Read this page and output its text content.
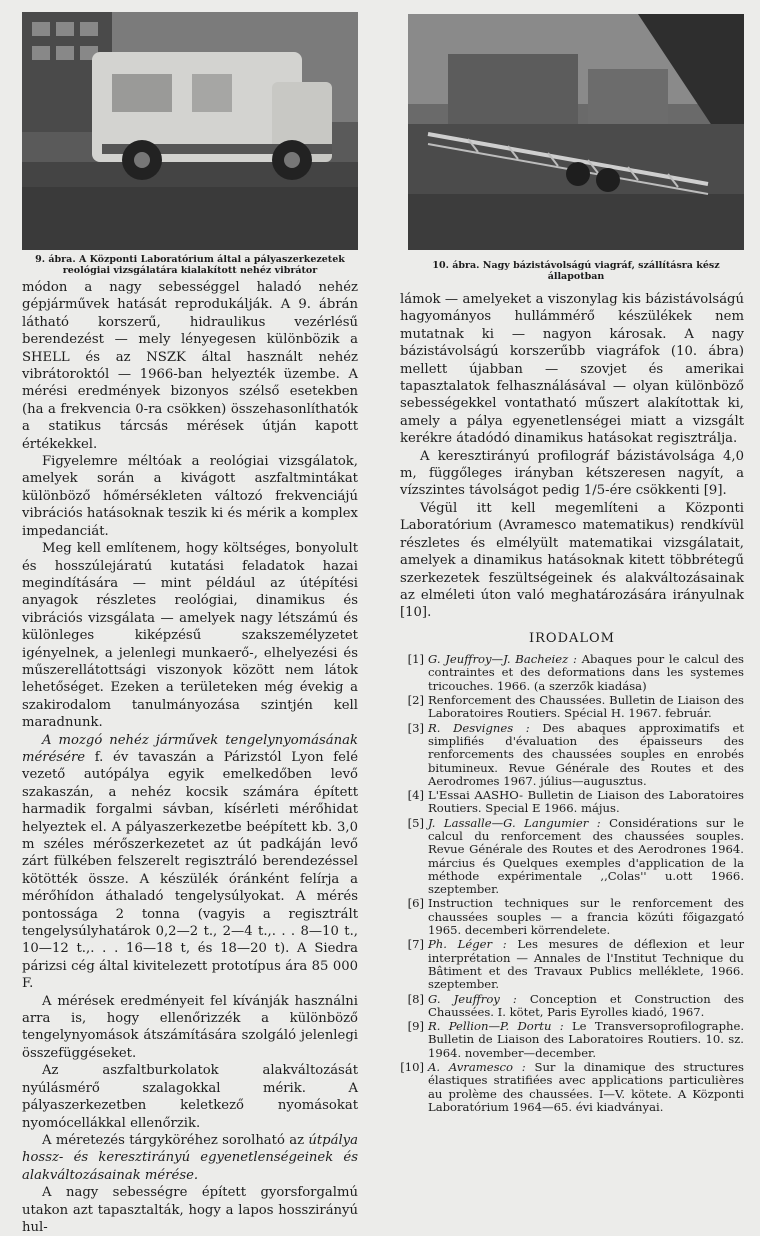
9. ábra. A Központi Laboratórium által a pályaszerkezetek reológiai vizsgálatára kialakított nehéz vibrátor	10. ábra. Nagy bázistávolságú viagráf, szállításra kész állapotban

módon a nagy sebességgel haladó nehéz gépjárművek hatását reprodukálják. A 9. ábrán látható korszerű, hidraulikus vezérlésű berendezést — mely lényegesen különbözik a SHELL és az NSZK által használt nehéz vibrátoroktól — 1966-ban helyezték üzembe. A mérési eredmények bizonyos szélső esetekben (ha a frekvencia 0-ra csökken) összehasonlíthatók a statikus tárcsás mérések útján kapott értékekkel.

Figyelemre méltóak a reológiai vizsgálatok, amelyek során a kivágott aszfaltmintákat különböző hőmérsékleten változó frekvenciájú vibrációs hatásoknak teszik ki és mérik a komplex impedanciát.

Meg kell említenem, hogy költséges, bonyolult és hosszúlejáratú kutatási feladatok hazai megindítására — mint például az útépítési anyagok részletes reológiai, dinamikus és vibrációs vizsgálata — amelyek nagy létszámú és különleges kiképzésű szakszemélyzetet igényelnek, a jelenlegi munkaerő-, elhelyezési és műszerellátottsági viszonyok között nem látok lehetőséget. Ezeken a területeken még évekig a szakirodalom tanulmányozása szintjén kell maradnunk.

A mozgó nehéz járművek tengelynyomásának mérésére f. év tavaszán a Párizstól Lyon felé vezető autópálya egyik emelkedőben levő szakaszán, a nehéz kocsik számára épített harmadik forgalmi sávban, kísérleti mérőhidat helyeztek el. A pályaszerkezetbe beépített kb. 3,0 m széles mérőszerkezetet az út padkáján levő zárt fülkében felszerelt regisztráló berendezéssel kötötték össze. A készülék óránként felírja a mérőhídon áthaladó tengelysúlyokat. A mérés pontossága 2 tonna (vagyis a regisztrált tengelysúlyhatárok 0,2—2 t., 2—4 t.,. . . 8—10 t., 10—12 t.,. . . 16—18 t, és 18—20 t). A Siedra párizsi cég által kivitelezett prototípus ára 85 000 F.

A mérések eredményeit fel kívánják használni arra is, hogy ellenőrizzék a különböző tengelynyomások átszámítására szolgáló jelenlegi összefüggéseket.

Az aszfaltburkolatok alakváltozását nyúlásmérő szalagokkal mérik. A pályaszerkezetben keletkező nyomásokat nyomócellákkal ellenőrzik.

A méretezés tárgyköréhez sorolható az útpálya hossz- és keresztirányú egyenetlenségeinek és alakváltozásainak mérése.

A nagy sebességre épített gyorsforgalmú utakon azt tapasztalták, hogy a lapos hosszirányú hul-

lámok — amelyeket a viszonylag kis bázistávolságú hagyományos hullámmérő készülékek nem mutatnak ki — nagyon károsak. A nagy bázistávolságú korszerűbb viagráfok (10. ábra) mellett újabban — szovjet és amerikai tapasztalatok felhasználásával — olyan különböző sebességekkel vontatható műszert alakítottak ki, amely a pálya egyenetlenségei miatt a vizsgált kerékre átadódó dinamikus hatásokat regisztrálja.

A keresztirányú profilográf bázistávolsága 4,0 m, függőleges irányban kétszeresen nagyít, a vízszintes távolságot pedig 1/5-ére csökkenti [9].

Végül itt kell megemlíteni a Központi Laboratórium (Avramesco matematikus) rendkívül részletes és elmélyült matematikai vizsgálatait, amelyek a dinamikus hatásoknak kitett többrétegű szerkezetek feszültségeinek és alakváltozásainak az elméleti úton való meghatározására irányulnak [10].

IRODALOM
[1] G. Jeuffroy—J. Bacheiez : Abaques pour le calcul des contraintes et des deformations dans les systemes tricouches. 1966. (a szerzők kiadása)
[2] Renforcement des Chaussées. Bulletin de Liaison des Laboratoires Routiers. Spécial H. 1967. február.
[3] R. Desvignes : Des abaques approximatifs et simplifiés d'évaluation des épaisseurs des renforcements des chaussées souples en enrobés bitumineux. Revue Générale des Routes et des Aerodromes 1967. július—augusztus.
[4] L'Essai AASHO- Bulletin de Liaison des Laboratoires Routiers. Special E 1966. május.
[5] J. Lassalle—G. Langumier : Considérations sur le calcul du renforcement des chaussées souples. Revue Générale des Routes et des Aerodrones 1964. március és Quelques exemples d'application de la méthode expérimentale ,,Colas'' u.ott 1966. szeptember.
[6] Instruction techniques sur le renforcement des chaussées souples — a francia közúti főigazgató 1965. decemberi körrendelete.
[7] Ph. Léger : Les mesures de déflexion et leur interprétation — Annales de l'Institut Technique du Bâtiment et des Travaux Publics melléklete, 1966. szeptember.
[8] G. Jeuffroy : Conception et Construction des Chaussées. I. kötet, Paris Eyrolles kiadó, 1967.
[9] R. Pellion—P. Dortu : Le Transversoprofilographe. Bulletin de Liaison des Laboratoires Routiers. 10. sz. 1964. november—december.
[10] A. Avramesco : Sur la dinamique des structures élastiques stratifiées avec applications particulières au prolème des chaussées. I—V. kötete. A Központi Laboratórium 1964—65. évi kiadványai.
